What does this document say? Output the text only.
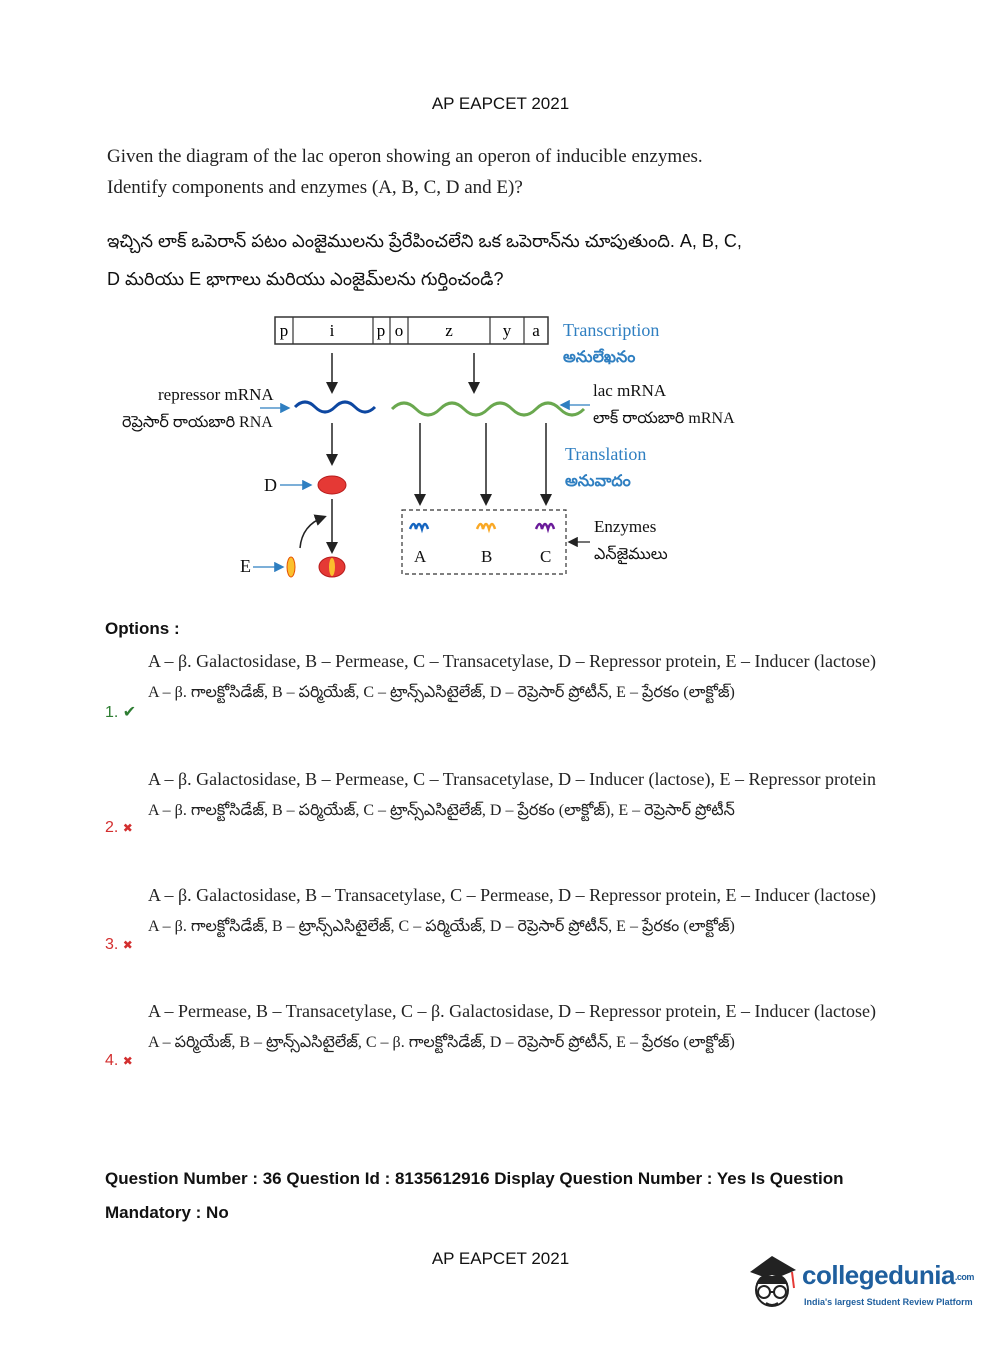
AP EAPCET 2021
Given the diagram of the lac operon showing an operon of inducible enzymes. Identify components and enzymes (A, B, C, D and E)?
ఇచ్చిన లాక్ ఒపెరాన్ పటం ఎంజైములను ప్రేరేపించలేని ఒక ఒపెరాన్‌ను చూపుతుంది. A, B, C, D మరియు E భాగాలు మరియు ఎంజైమ్‌లను గుర్తించండి?
p i p o z	y a Transcription
అనులేఖనం
repressor mRNA
రెప్రెసార్ రాయబారి RNA
lac mRNA
లాక్ రాయబారి mRNA
Translation
అనువాదం
Enzymes
ఎన్‌జైములు
D
E	A	B	C
Options :
A – β. Galactosidase, B – Permease, C – Transacetylase, D – Repressor protein, E – Inducer (lactose)
A – β. గాలక్టోసిడేజ్, B – పర్మియేజ్, C – ట్రాన్స్ఎసిటైలేజ్, D – రెప్రెసార్ ప్రోటీన్, E – ప్రేరకం (లాక్టోజ్)
1. ✔
A – β. Galactosidase, B – Permease, C – Transacetylase, D – Inducer (lactose), E – Repressor protein
A – β. గాలక్టోసిడేజ్, B – పర్మియేజ్, C – ట్రాన్స్ఎసిటైలేజ్, D – ప్రేరకం (లాక్టోజ్), E – రెప్రెసార్ ప్రోటీన్
2. ✖
A – β. Galactosidase, B – Transacetylase, C – Permease, D – Repressor protein, E – Inducer (lactose)
A – β. గాలక్టోసిడేజ్, B – ట్రాన్స్ఎసిటైలేజ్, C – పర్మియేజ్, D – రెప్రెసార్ ప్రోటీన్, E – ప్రేరకం (లాక్టోజ్)
3. ✖
A – Permease, B – Transacetylase, C – β. Galactosidase, D – Repressor protein, E – Inducer (lactose)
A – పర్మియేజ్, B – ట్రాన్స్ఎసిటైలేజ్, C – β. గాలక్టోసిడేజ్, D – రెప్రెసార్ ప్రోటీన్, E – ప్రేరకం (లాక్టోజ్)
4. ✖
Question Number : 36 Question Id : 8135612916 Display Question Number : Yes Is Question
Mandatory : No
AP EAPCET 2021
collegedunia.com
India's largest Student Review Platform
